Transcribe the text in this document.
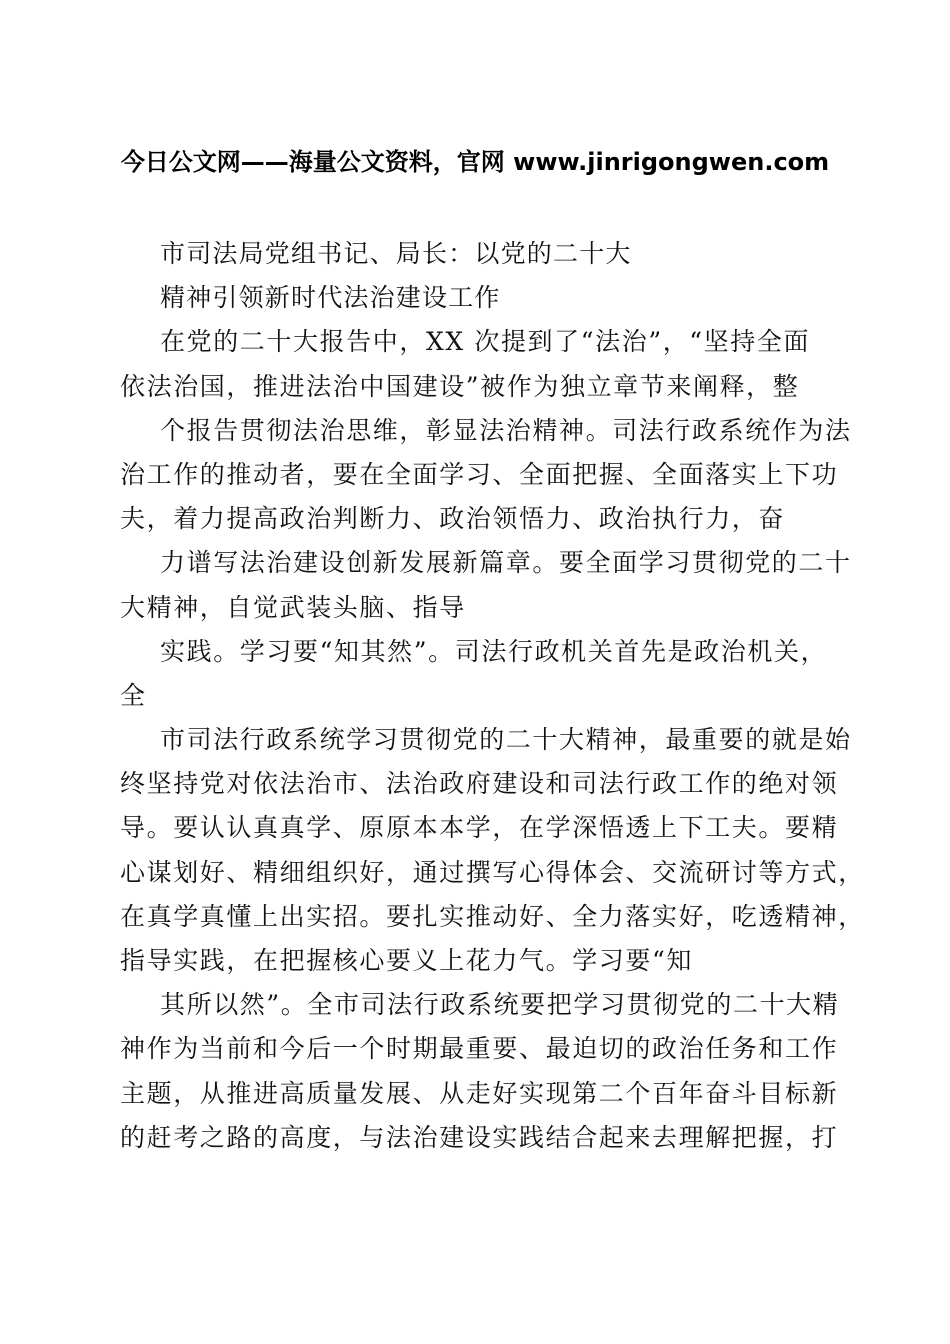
今日公文网——海量公文资料，官网 www.jinrigongwen.com
市司法局党组书记、局长：以党的二十大
精神引领新时代法治建设工作
在党的二十大报告中，XX 次提到了“法治”，“坚持全面
依法治国，推进法治中国建设”被作为独立章节来阐释，整
个报告贯彻法治思维，彰显法治精神。司法行政系统作为法
治工作的推动者，要在全面学习、全面把握、全面落实上下功
夫，着力提高政治判断力、政治领悟力、政治执行力，奋
力谱写法治建设创新发展新篇章。要全面学习贯彻党的二十
大精神，自觉武装头脑、指导
实践。学习要“知其然”。司法行政机关首先是政治机关，
全
市司法行政系统学习贯彻党的二十大精神，最重要的就是始
终坚持党对依法治市、法治政府建设和司法行政工作的绝对领
导。要认认真真学、原原本本学，在学深悟透上下工夫。要精
心谋划好、精细组织好，通过撰写心得体会、交流研讨等方式，
在真学真懂上出实招。要扎实推动好、全力落实好，吃透精神，
指导实践，在把握核心要义上花力气。学习要“知
其所以然”。全市司法行政系统要把学习贯彻党的二十大精
神作为当前和今后一个时期最重要、最迫切的政治任务和工作
主题，从推进高质量发展、从走好实现第二个百年奋斗目标新
的赶考之路的高度，与法治建设实践结合起来去理解把握，打
